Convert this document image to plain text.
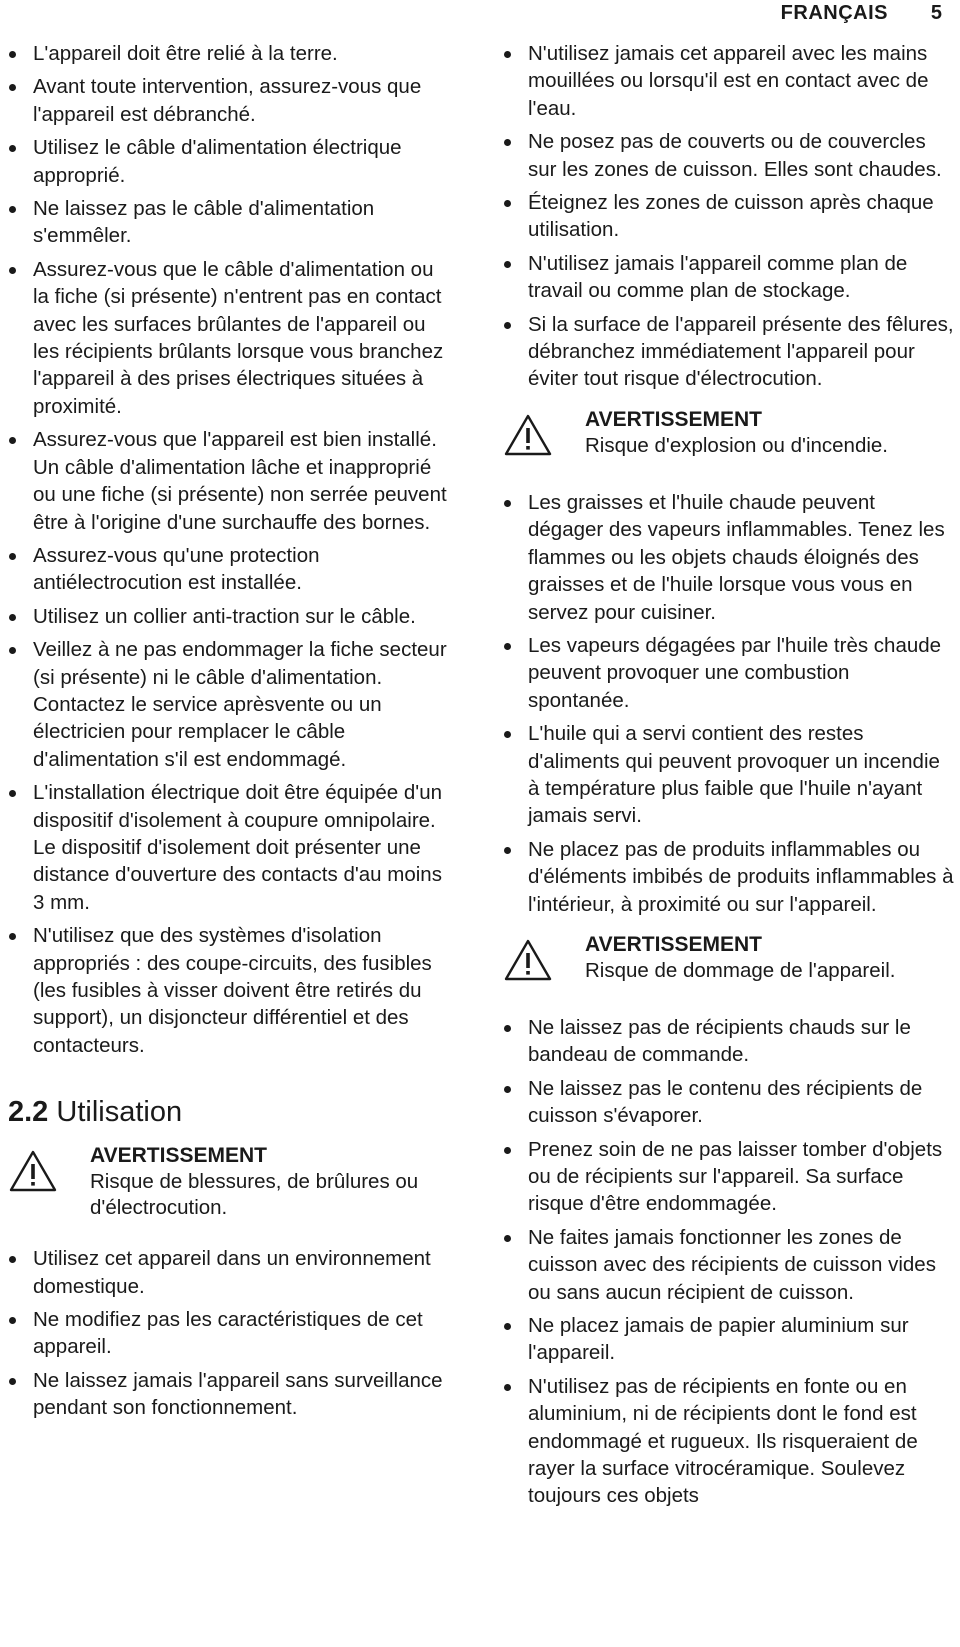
FRANÇAIS 5
L'appareil doit être relié à la terre.
Avant toute intervention, assurez-vous que l'appareil est débranché.
Utilisez le câble d'alimentation électrique approprié.
Ne laissez pas le câble d'alimentation s'emmêler.
Assurez-vous que le câble d'alimentation ou la fiche (si présente) n'entrent pas en contact avec les surfaces brûlantes de l'appareil ou les récipients brûlants lorsque vous branchez l'appareil à des prises électriques situées à proximité.
Assurez-vous que l'appareil est bien installé. Un câble d'alimentation lâche et inapproprié ou une fiche (si présente) non serrée peuvent être à l'origine d'une surchauffe des bornes.
Assurez-vous qu'une protection antiélectrocution est installée.
Utilisez un collier anti-traction sur le câble.
Veillez à ne pas endommager la fiche secteur (si présente) ni le câble d'alimentation. Contactez le service aprèsvente ou un électricien pour remplacer le câble d'alimentation s'il est endommagé.
L'installation électrique doit être équipée d'un dispositif d'isolement à coupure omnipolaire. Le dispositif d'isolement doit présenter une distance d'ouverture des contacts d'au moins 3 mm.
N'utilisez que des systèmes d'isolation appropriés : des coupe-circuits, des fusibles (les fusibles à visser doivent être retirés du support), un disjoncteur différentiel et des contacteurs.
2.2 Utilisation
AVERTISSEMENT
Risque de blessures, de brûlures ou d'électrocution.
Utilisez cet appareil dans un environnement domestique.
Ne modifiez pas les caractéristiques de cet appareil.
Ne laissez jamais l'appareil sans surveillance pendant son fonctionnement.
N'utilisez jamais cet appareil avec les mains mouillées ou lorsqu'il est en contact avec de l'eau.
Ne posez pas de couverts ou de couvercles sur les zones de cuisson. Elles sont chaudes.
Éteignez les zones de cuisson après chaque utilisation.
N'utilisez jamais l'appareil comme plan de travail ou comme plan de stockage.
Si la surface de l'appareil présente des fêlures, débranchez immédiatement l'appareil pour éviter tout risque d'électrocution.
AVERTISSEMENT
Risque d'explosion ou d'incendie.
Les graisses et l'huile chaude peuvent dégager des vapeurs inflammables. Tenez les flammes ou les objets chauds éloignés des graisses et de l'huile lorsque vous vous en servez pour cuisiner.
Les vapeurs dégagées par l'huile très chaude peuvent provoquer une combustion spontanée.
L'huile qui a servi contient des restes d'aliments qui peuvent provoquer un incendie à température plus faible que l'huile n'ayant jamais servi.
Ne placez pas de produits inflammables ou d'éléments imbibés de produits inflammables à l'intérieur, à proximité ou sur l'appareil.
AVERTISSEMENT
Risque de dommage de l'appareil.
Ne laissez pas de récipients chauds sur le bandeau de commande.
Ne laissez pas le contenu des récipients de cuisson s'évaporer.
Prenez soin de ne pas laisser tomber d'objets ou de récipients sur l'appareil. Sa surface risque d'être endommagée.
Ne faites jamais fonctionner les zones de cuisson avec des récipients de cuisson vides ou sans aucun récipient de cuisson.
Ne placez jamais de papier aluminium sur l'appareil.
N'utilisez pas de récipients en fonte ou en aluminium, ni de récipients dont le fond est endommagé et rugueux. Ils risqueraient de rayer la surface vitrocéramique. Soulevez toujours ces objets
